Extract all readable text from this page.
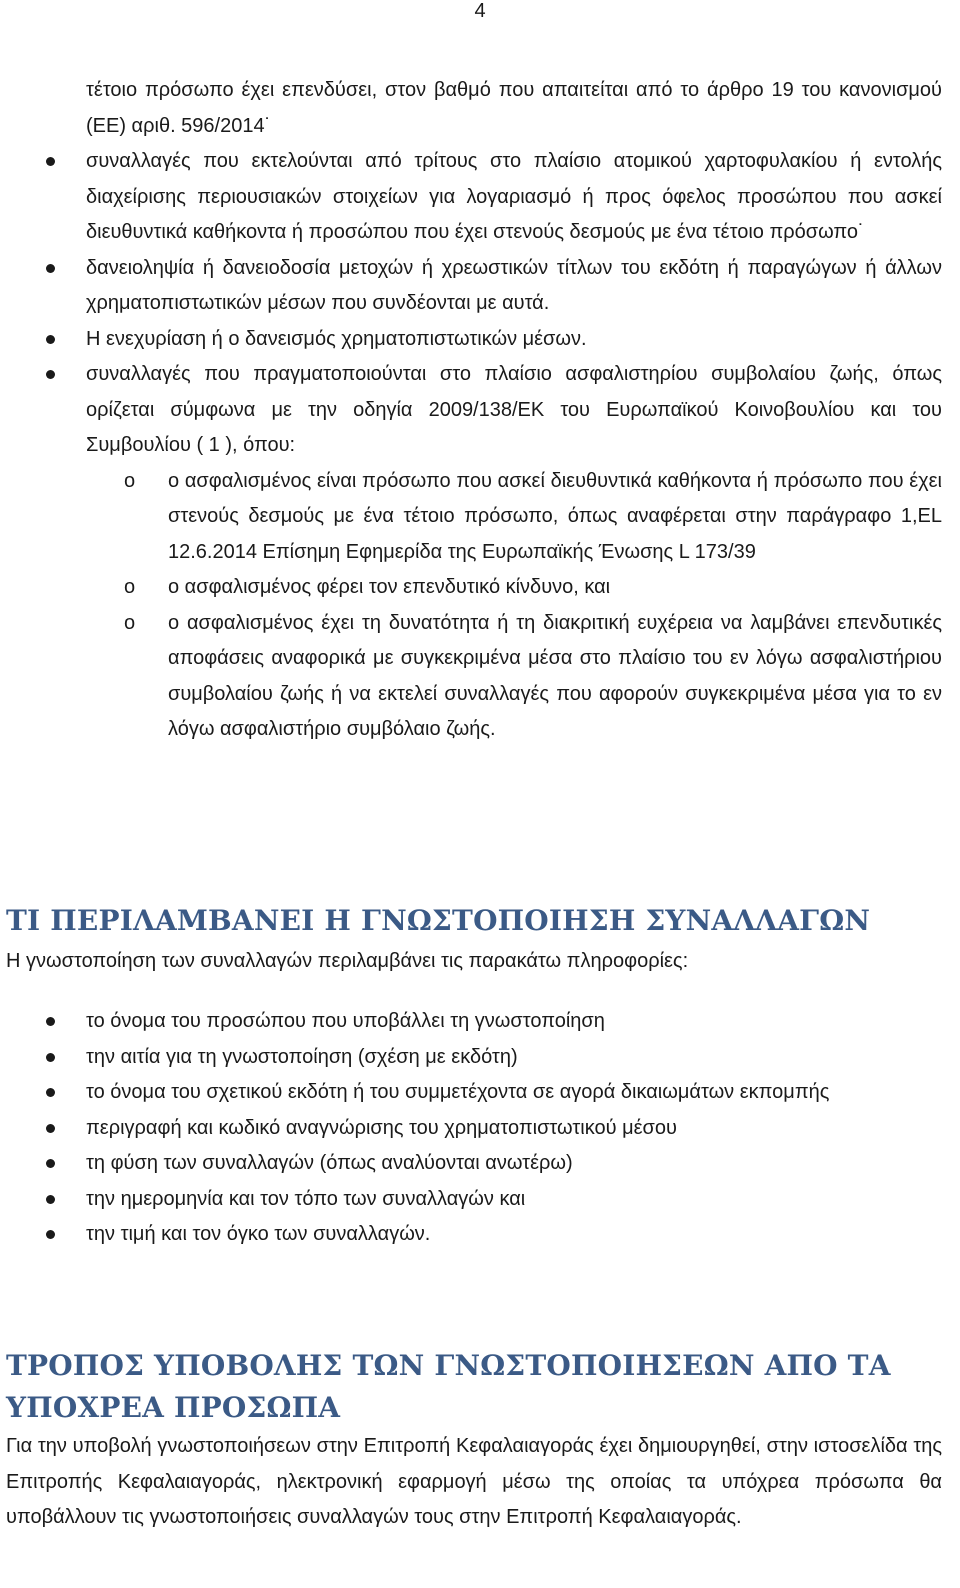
4
τέτοιο πρόσωπο έχει επενδύσει, στον βαθμό που απαιτείται από το άρθρο 19 του κανονισμού (ΕΕ) αριθ. 596/2014˙
συναλλαγές που εκτελούνται από τρίτους στο πλαίσιο ατομικού χαρτοφυλακίου ή εντολής διαχείρισης περιουσιακών στοιχείων για λογαριασμό ή προς όφελος προσώπου που ασκεί διευθυντικά καθήκοντα ή προσώπου που έχει στενούς δεσμούς με ένα τέτοιο πρόσωπο˙
δανειοληψία ή δανειοδοσία μετοχών ή χρεωστικών τίτλων του εκδότη ή παραγώγων ή άλλων χρηματοπιστωτικών μέσων που συνδέονται με αυτά.
Η ενεχυρίαση ή ο δανεισμός χρηματοπιστωτικών μέσων.
συναλλαγές που πραγματοποιούνται στο πλαίσιο ασφαλιστηρίου συμβολαίου ζωής, όπως ορίζεται σύμφωνα με την οδηγία 2009/138/ΕΚ του Ευρωπαϊκού Κοινοβουλίου και του Συμβουλίου ( 1 ), όπου:
o ο ασφαλισμένος είναι πρόσωπο που ασκεί διευθυντικά καθήκοντα ή πρόσωπο που έχει στενούς δεσμούς με ένα τέτοιο πρόσωπο, όπως αναφέρεται στην παράγραφο 1,EL 12.6.2014 Επίσημη Εφημερίδα της Ευρωπαϊκής Ένωσης L 173/39
o ο ασφαλισμένος φέρει τον επενδυτικό κίνδυνο, και
o ο ασφαλισμένος έχει τη δυνατότητα ή τη διακριτική ευχέρεια να λαμβάνει επενδυτικές αποφάσεις αναφορικά με συγκεκριμένα μέσα στο πλαίσιο του εν λόγω ασφαλιστήριου συμβολαίου ζωής ή να εκτελεί συναλλαγές που αφορούν συγκεκριμένα μέσα για το εν λόγω ασφαλιστήριο συμβόλαιο ζωής.
ΤΙ ΠΕΡΙΛΑΜΒΑΝΕΙ Η ΓΝΩΣΤΟΠΟΙΗΣΗ ΣΥΝΑΛΛΑΓΩΝ
Η γνωστοποίηση των συναλλαγών περιλαμβάνει τις παρακάτω πληροφορίες:
το όνομα του προσώπου που υποβάλλει τη γνωστοποίηση
την αιτία για τη γνωστοποίηση (σχέση με εκδότη)
το όνομα του σχετικού εκδότη ή του συμμετέχοντα σε αγορά δικαιωμάτων εκπομπής
περιγραφή και κωδικό αναγνώρισης του χρηματοπιστωτικού μέσου
τη φύση των συναλλαγών (όπως αναλύονται ανωτέρω)
την ημερομηνία και τον τόπο των συναλλαγών και
την τιμή και τον όγκο των συναλλαγών.
ΤΡΟΠΟΣ ΥΠΟΒΟΛΗΣ ΤΩΝ ΓΝΩΣΤΟΠΟΙΗΣΕΩΝ ΑΠΟ ΤΑ ΥΠΟΧΡΕΑ ΠΡΟΣΩΠΑ
Για την υποβολή γνωστοποιήσεων στην Επιτροπή Κεφαλαιαγοράς έχει δημιουργηθεί, στην ιστοσελίδα της Επιτροπής Κεφαλαιαγοράς, ηλεκτρονική εφαρμογή μέσω της οποίας τα υπόχρεα πρόσωπα θα υποβάλλουν τις γνωστοποιήσεις συναλλαγών τους στην Επιτροπή Κεφαλαιαγοράς.
